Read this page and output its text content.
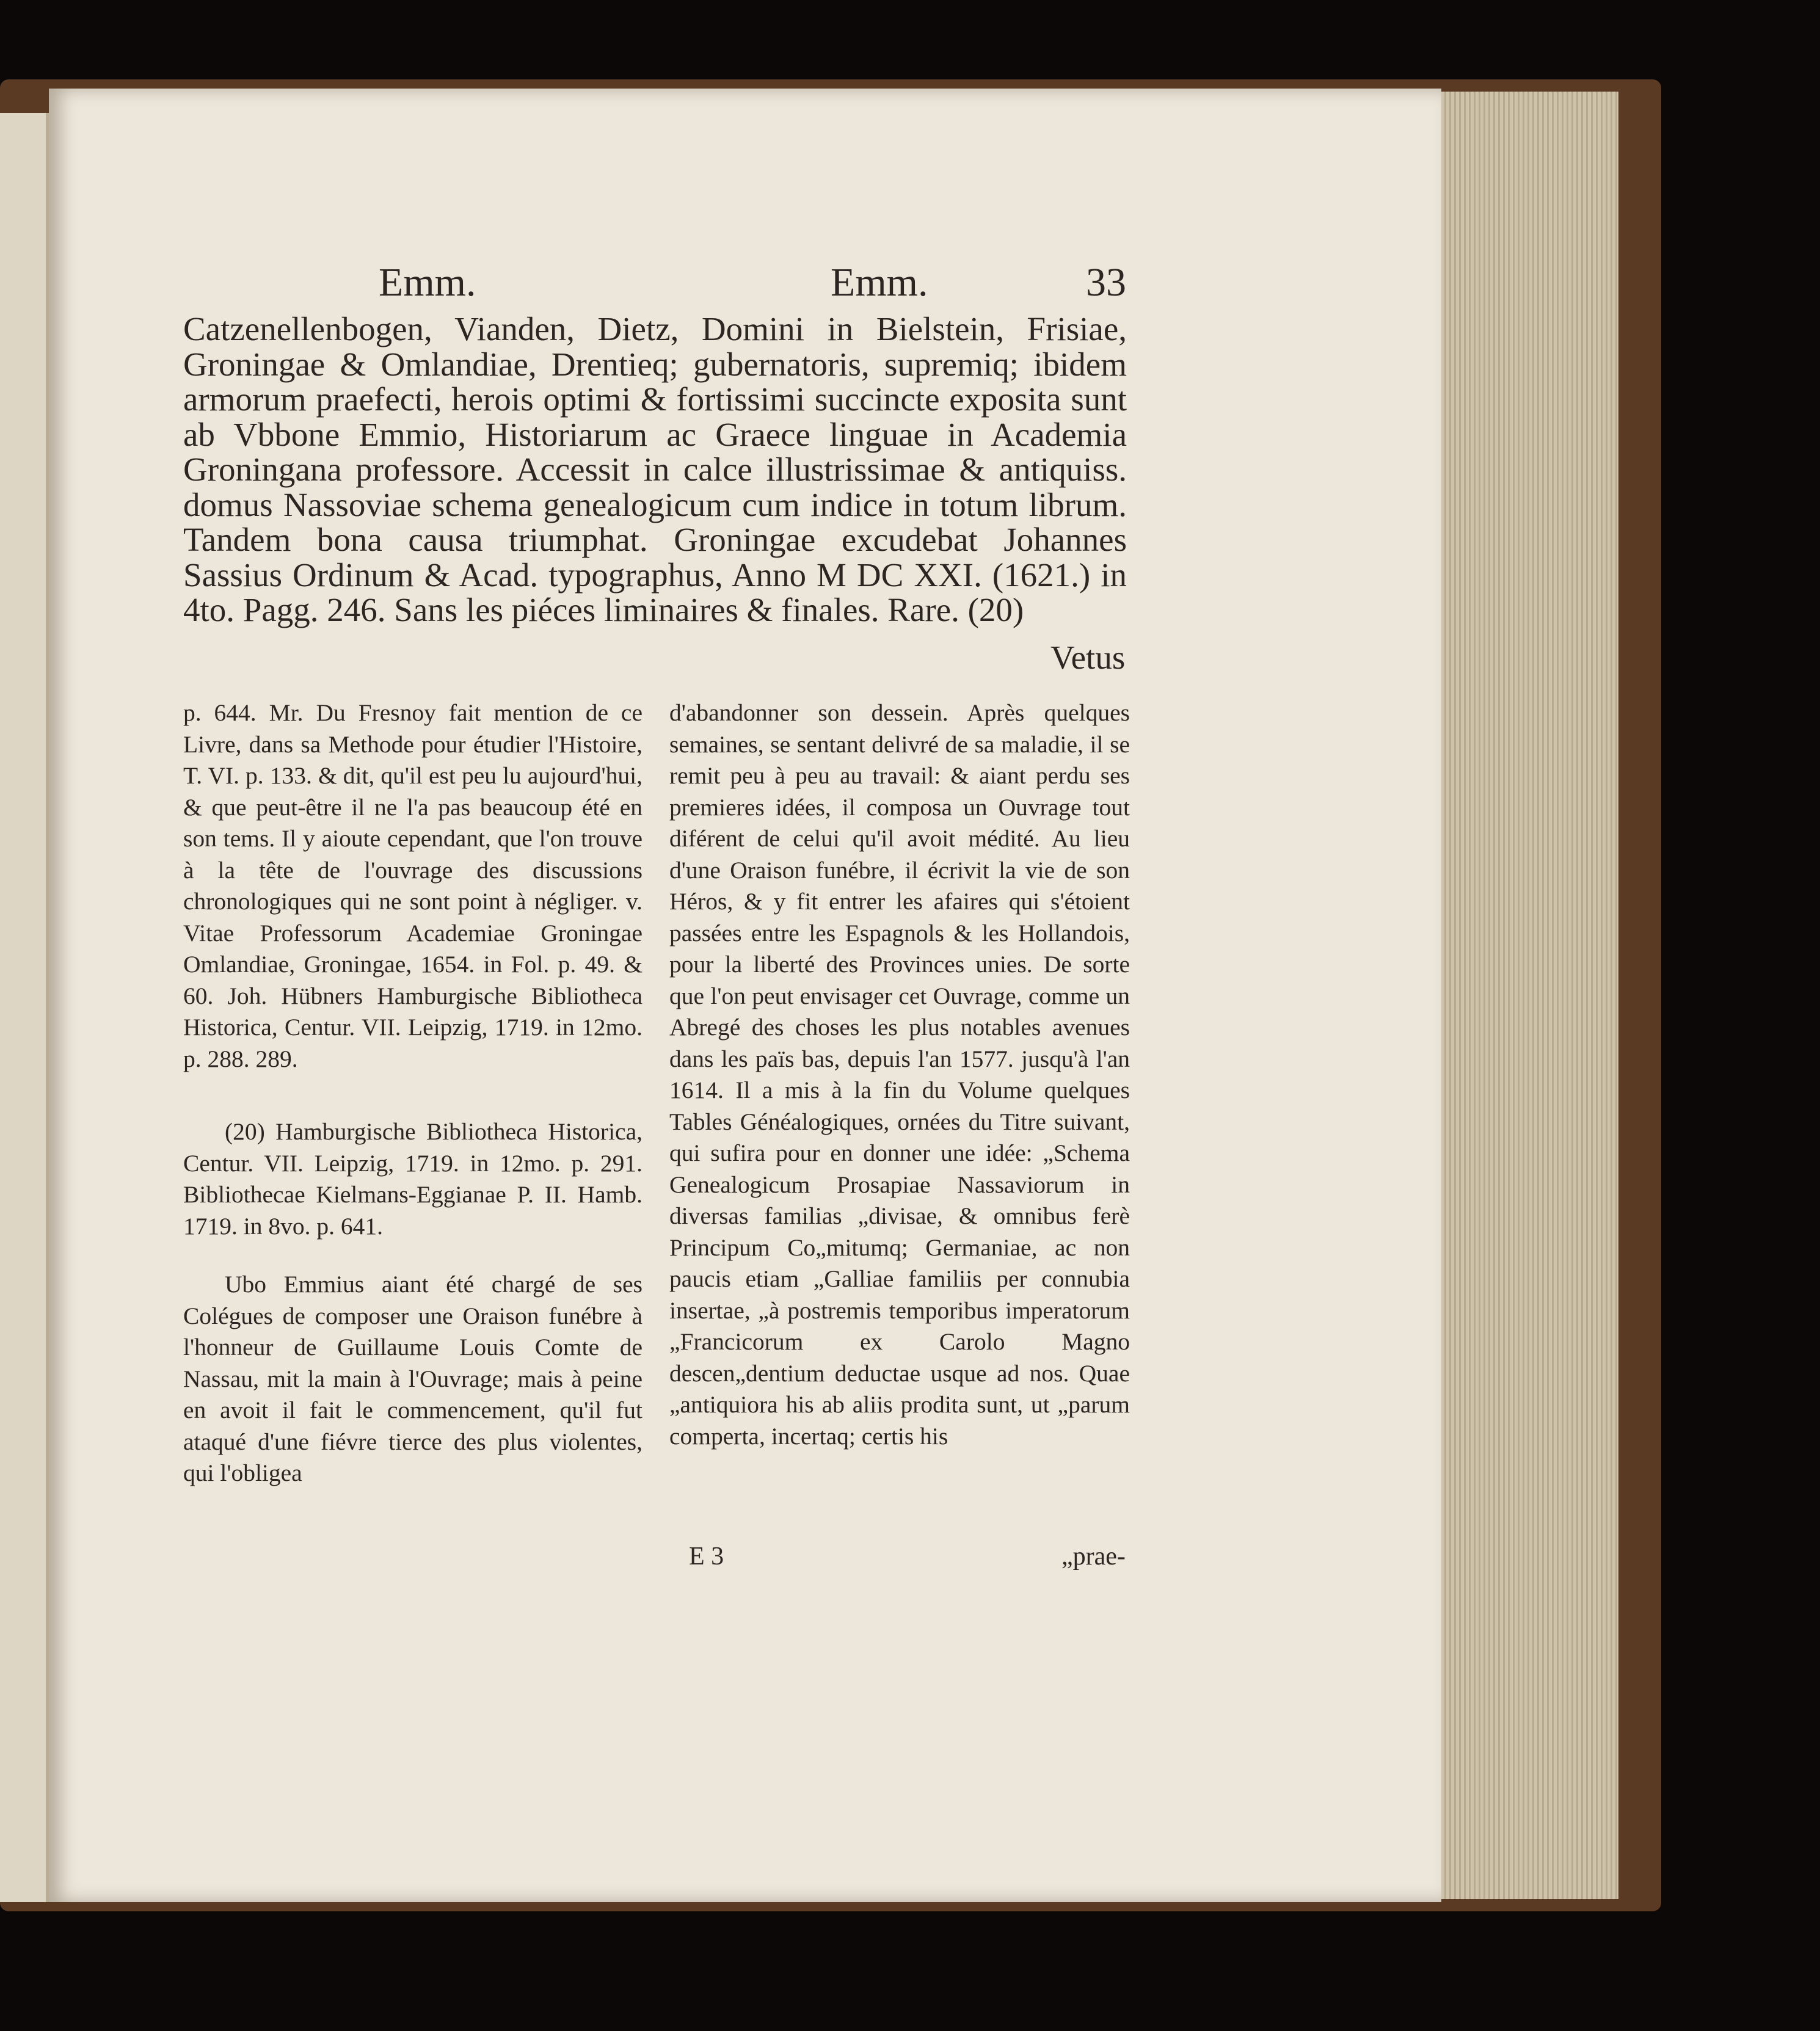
Emm.	Emm.	33

Catzenellenbogen, Vianden, Dietz, Domini in Bielstein, Frisiae, Groningae & Omlandiae, Drentieq; gubernatoris, supremiq; ibidem armorum praefecti, herois optimi & fortissimi succincte exposita sunt ab Vbbone Emmio, Historiarum ac Graece linguae in Academia Groningana professore. Accessit in calce illustrissimae & antiquiss. domus Nassoviae schema genealogicum cum indice in totum librum. Tandem bona causa triumphat. Groningae excudebat Johannes Sassius Ordinum & Acad. typographus, Anno M DC XXI. (1621.) in 4to. Pagg. 246. Sans les piéces liminaires & finales. Rare. (20)

Vetus

p. 644. Mr. Du Fresnoy fait mention de ce Livre, dans sa Methode pour étudier l'Histoire, T. VI. p. 133. & dit, qu'il est peu lu aujourd'hui, & que peut-être il ne l'a pas beaucoup été en son tems. Il y aioute cependant, que l'on trouve à la tête de l'ouvrage des discussions chronologiques qui ne sont point à négliger. v. Vitae Professorum Academiae Groningae Omlandiae, Groningae, 1654. in Fol. p. 49. & 60. Joh. Hübners Hamburgische Bibliotheca Historica, Centur. VII. Leipzig, 1719. in 12mo. p. 288. 289.

(20) Hamburgische Bibliotheca Historica, Centur. VII. Leipzig, 1719. in 12mo. p. 291. Bibliothecae Kielmans-Eggianae P. II. Hamb. 1719. in 8vo. p. 641.

Ubo Emmius aiant été chargé de ses Colégues de composer une Oraison funébre à l'honneur de Guillaume Louis Comte de Nassau, mit la main à l'Ouvrage; mais à peine en avoit il fait le commencement, qu'il fut ataqué d'une fiévre tierce des plus violentes, qui l'obligea

d'abandonner son dessein. Après quelques semaines, se sentant delivré de sa maladie, il se remit peu à peu au travail: & aiant perdu ses premieres idées, il composa un Ouvrage tout diférent de celui qu'il avoit médité. Au lieu d'une Oraison funébre, il écrivit la vie de son Héros, & y fit entrer les afaires qui s'étoient passées entre les Espagnols & les Hollandois, pour la liberté des Provinces unies. De sorte que l'on peut envisager cet Ouvrage, comme un Abregé des choses les plus notables avenues dans les païs bas, depuis l'an 1577. jusqu'à l'an 1614. Il a mis à la fin du Volume quelques Tables Généalogiques, ornées du Titre suivant, qui sufira pour en donner une idée: „Schema Genealogicum Prosapiae Nassaviorum in diversas familias „divisae, & omnibus ferè Principum Co„mitumq; Germaniae, ac non paucis etiam „Galliae familiis per connubia insertae, „à postremis temporibus imperatorum „Francicorum ex Carolo Magno descen„dentium deductae usque ad nos. Quae „antiquiora his ab aliis prodita sunt, ut „parum comperta, incertaq; certis his

E 3	„prae-
